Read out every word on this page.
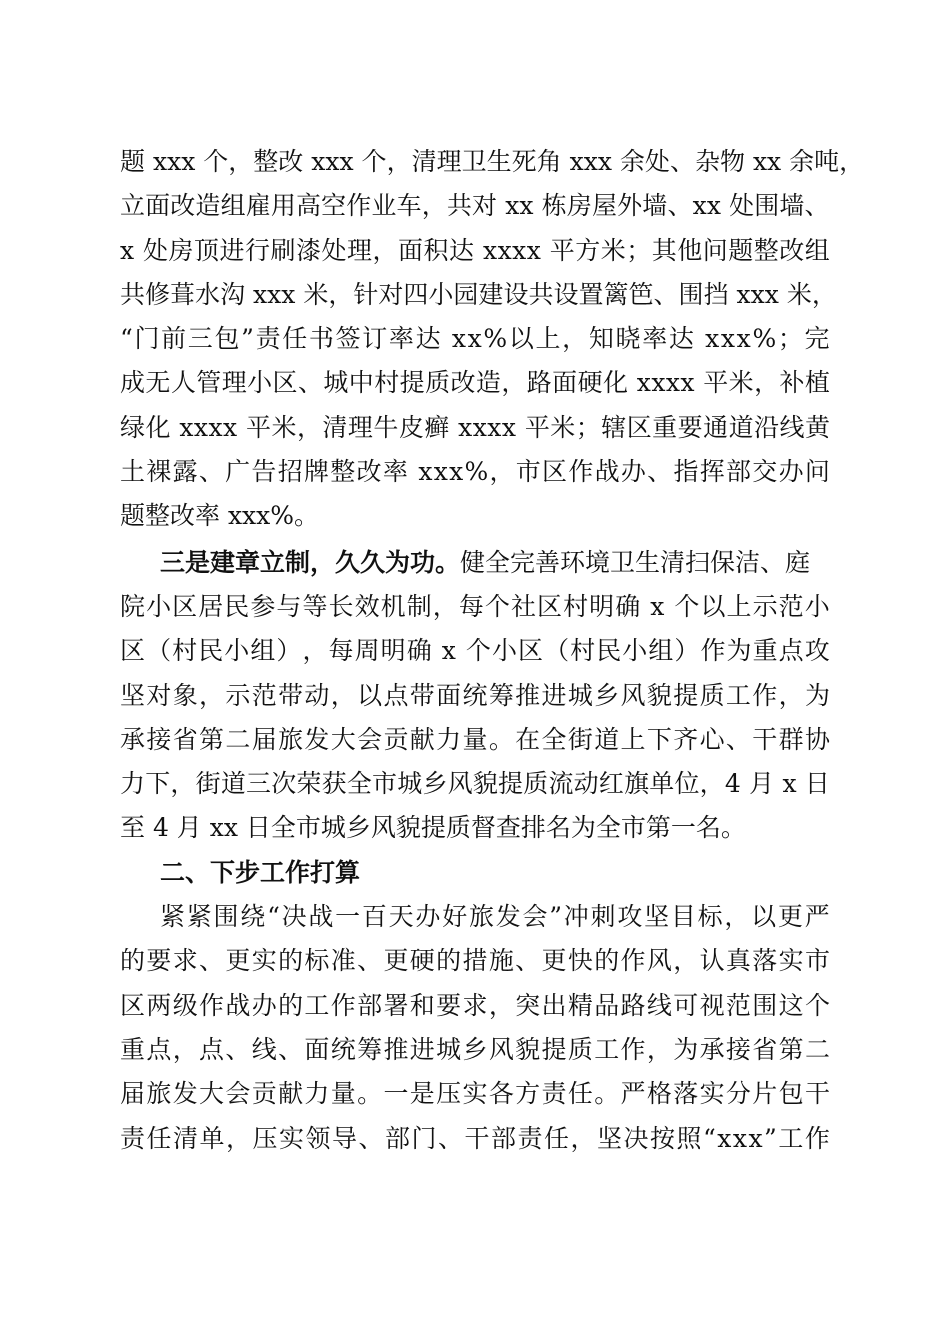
题
x x x
个 ， 整 改
x x x
个 ， 清 理 卫 生 死 角
x x x
余 处 、 杂 物
x x
余 吨 ，
立 面 改 造 组 雇 用 高 空 作 业 车 ， 共 对
x x
栋 房 屋 外 墙 、 x x
处 围 墙 、
x
处 房 顶 进 行 刷 漆 处 理 ， 面 积 达
x x x x
平 方 米 ； 其 他 问 题 整 改 组
共 修 葺 水 沟
x x x
米 ， 针 对 四 小 园 建 设 共 设 置 篱 笆 、 围 挡
x x x
米 ，
“ 门 前 三 包 ” 责 任 书 签 订 率 达
x x % 以 上 ， 知 晓 率 达
x x x % ； 完
成 无 人 管 理 小 区 、 城 中 村 提 质 改 造 ， 路 面 硬 化
x x x x
平 米 ， 补 植
绿 化
x x x x
平 米 ， 清 理 牛 皮 癣
x x x x
平 米 ； 辖 区 重 要 通 道 沿 线 黄
土 裸 露 、 广 告 招 牌 整 改 率
x x x % ， 市 区 作 战 办 、 指 挥 部 交 办 问
题整改率 xxx%。
三是建章立制，久久为功。健全完善环境卫生清扫保洁、庭
院 小 区 居 民 参 与 等 长 效 机 制 ， 每 个 社 区 村 明 确
x
个 以 上 示 范 小
区 （ 村 民 小 组 ） ， 每 周 明 确
x
个 小 区 （ 村 民 小 组 ） 作 为 重 点 攻
坚 对 象 ， 示 范 带 动 ， 以 点 带 面 统 筹 推 进 城 乡 风 貌 提 质 工 作 ， 为
承 接 省 第 二 届 旅 发 大 会 贡 献 力 量 。 在 全 街 道 上 下 齐 心 、 干 群 协
力 下 ， 街 道 三 次 荣 获 全 市 城 乡 风 貌 提 质 流 动 红 旗 单 位 ， 4
月
x
日
至 4 月 xx 日全市城乡风貌提质督查排名为全市第一名。
二、下步工作打算
紧 紧 围 绕 “ 决 战 一 百 天 办 好 旅 发 会 ” 冲 刺 攻 坚 目 标 ， 以 更 严
的 要 求 、 更 实 的 标 准 、 更 硬 的 措 施 、 更 快 的 作 风 ， 认 真 落 实 市
区 两 级 作 战 办 的 工 作 部 署 和 要 求 ， 突 出 精 品 路 线 可 视 范 围 这 个
重 点 ， 点 、 线 、 面 统 筹 推 进 城 乡 风 貌 提 质 工 作 ， 为 承 接 省 第 二
届 旅 发 大 会 贡 献 力 量 。 一 是 压 实 各 方 责 任 。 严 格 落 实 分 片 包 干
责 任 清 单 ， 压 实 领 导 、 部 门 、 干 部 责 任 ， 坚 决 按 照 “ x x x ” 工 作
